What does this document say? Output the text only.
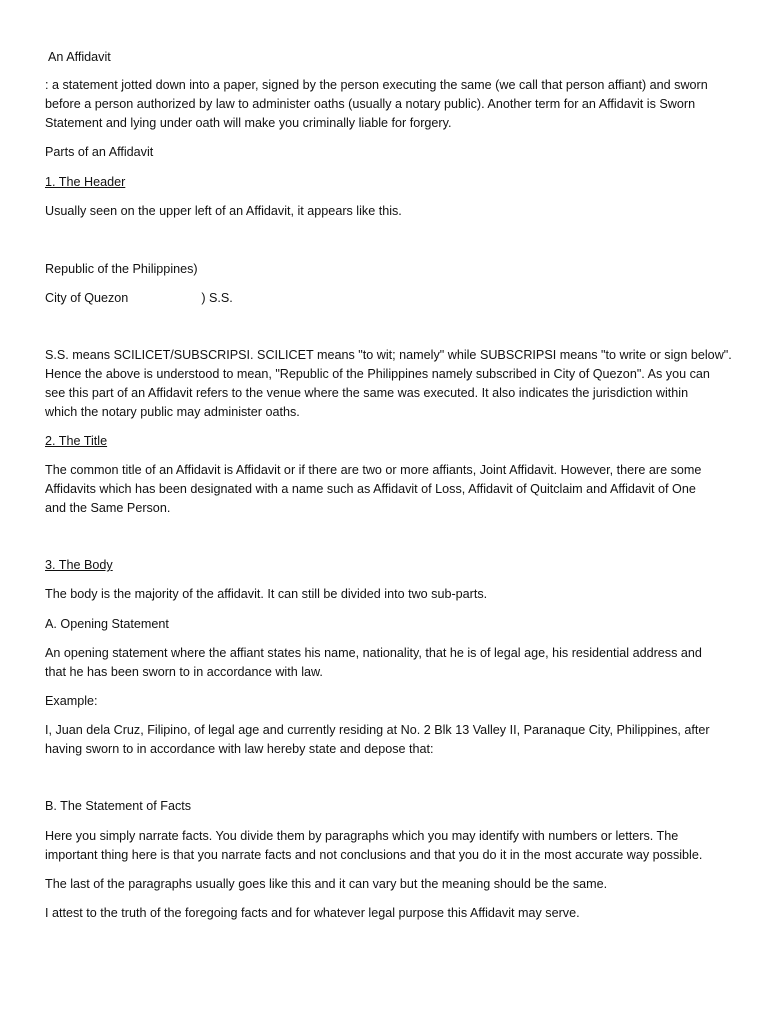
An Affidavit

: a statement jotted down into a paper, signed by the person executing the same (we call that person affiant) and sworn

before a person authorized by law to administer oaths (usually a notary public). Another term for an Affidavit is Sworn

Statement and lying under oath will make you criminally liable for forgery.

Parts of an Affidavit

1. The Header

Usually seen on the upper left of an Affidavit, it appears like this.

Republic of the Philippines)

City of Quezon	) S.S.

S.S. means SCILICET/SUBSCRIPSI. SCILICET means "to wit; namely" while SUBSCRIPSI means "to write or sign below".

Hence the above is understood to mean, "Republic of the Philippines namely subscribed in City of Quezon". As you can

see this part of an Affidavit refers to the venue where the same was executed. It also indicates the jurisdiction within

which the notary public may administer oaths.

2. The Title

The common title of an Affidavit is Affidavit or if there are two or more affiants, Joint Affidavit. However, there are some

Affidavits which has been designated with a name such as Affidavit of Loss, Affidavit of Quitclaim and Affidavit of One

and the Same Person.

3. The Body

The body is the majority of the affidavit. It can still be divided into two sub-parts.

A. Opening Statement

An opening statement where the affiant states his name, nationality, that he is of legal age, his residential address and

that he has been sworn to in accordance with law.

Example:

I, Juan dela Cruz, Filipino, of legal age and currently residing at No. 2 Blk 13 Valley II, Paranaque City, Philippines, after

having sworn to in accordance with law hereby state and depose that:

B. The Statement of Facts

Here you simply narrate facts. You divide them by paragraphs which you may identify with numbers or letters. The

important thing here is that you narrate facts and not conclusions and that you do it in the most accurate way possible.

The last of the paragraphs usually goes like this and it can vary but the meaning should be the same.

I attest to the truth of the foregoing facts and for whatever legal purpose this Affidavit may serve.
